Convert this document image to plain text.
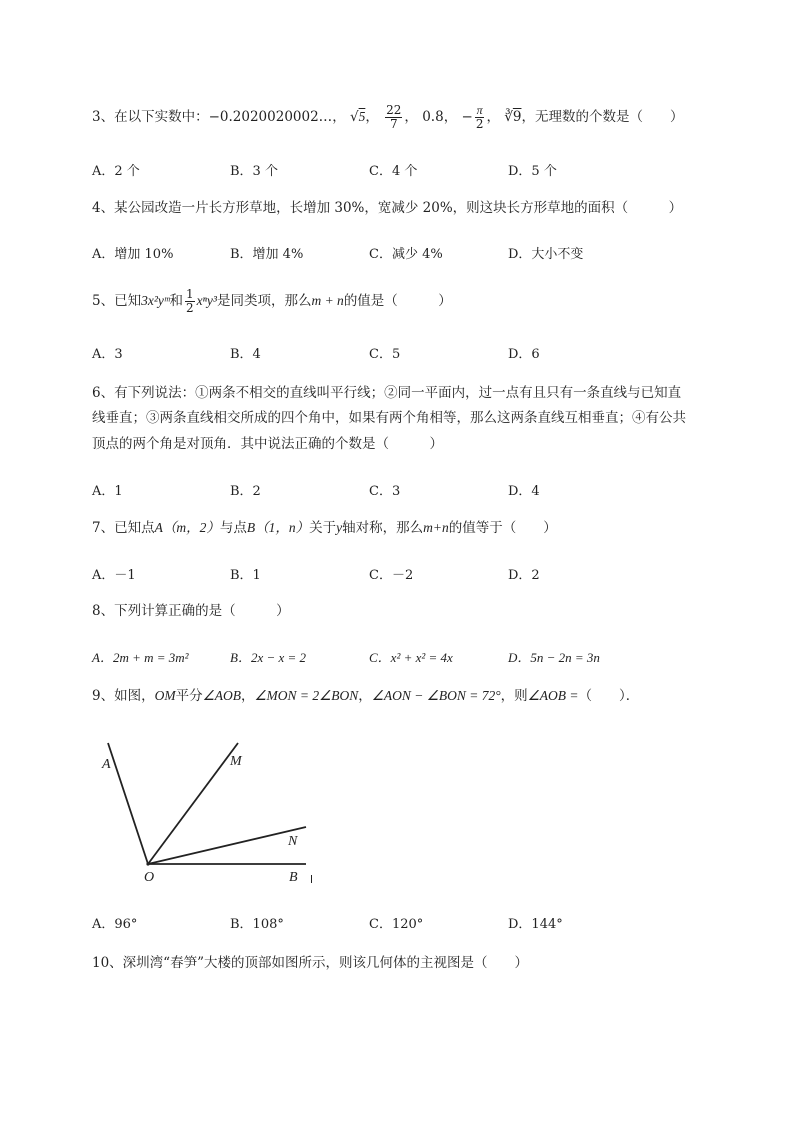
3、在以下实数中：−0.2020020002…， √5， $\frac{22}{7}$ ， 0.8， − $\frac{\pi}{2}$ ， ∛9，无理数的个数是（　　）
A．2 个	B．3 个	C．4 个	D．5 个
4、某公园改造一片长方形草地，长增加 30%，宽减少 20%，则这块长方形草地的面积（　　　）
A．增加 10%	B．增加 4%	C．减少 4%	D．大小不变
5、已知3x²yᵐ和 $\frac{1}{2} x^ny^3$是同类项，那么m + n的值是（　　　）
A．3	B．4	C．5	D．6
6、有下列说法：①两条不相交的直线叫平行线；②同一平面内，过一点有且只有一条直线与已知直
线垂直；③两条直线相交所成的四个角中，如果有两个角相等，那么这两条直线互相垂直；④有公共
顶点的两个角是对顶角．其中说法正确的个数是（　　　）
A．1	B．2	C．3	D．4
7、已知点A（m，2）与点B（1，n）关于y轴对称，那么m+n的值等于（　　）
A．－1	B．1	C．－2	D．2
8、下列计算正确的是（　　　）
A．2m + m = 3m²	B．2x − x = 2	C．x² + x² = 4x	D．5n − 2n = 3n
9、如图，OM平分∠AOB，∠MON = 2∠BON，∠AON − ∠BON = 72°，则∠AOB =（　　）．
A	M
N
O	B
A．96°	B．108°	C．120°	D．144°
10、深圳湾“春笋”大楼的顶部如图所示，则该几何体的主视图是（　　）
